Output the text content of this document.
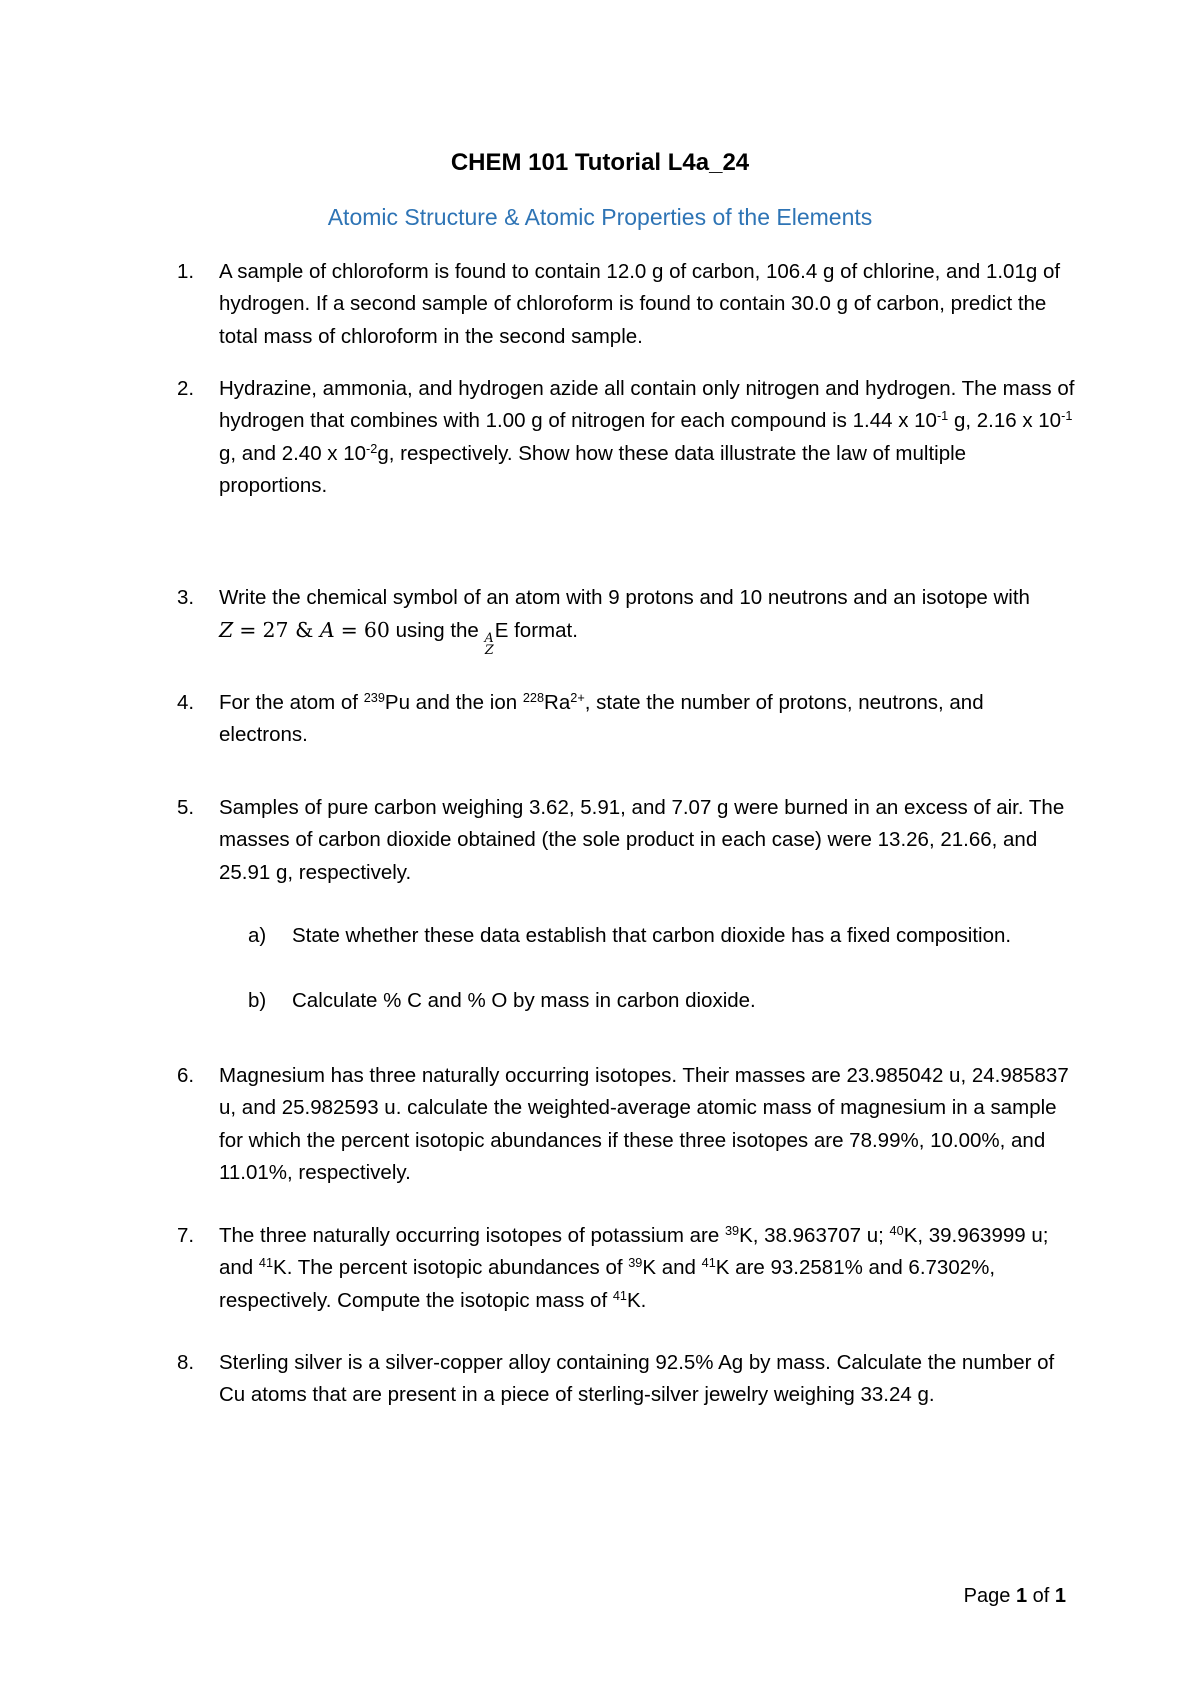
CHEM 101 Tutorial L4a_24
Atomic Structure & Atomic Properties of the Elements
1. A sample of chloroform is found to contain 12.0 g of carbon, 106.4 g of chlorine, and 1.01g of hydrogen. If a second sample of chloroform is found to contain 30.0 g of carbon, predict the total mass of chloroform in the second sample.
2. Hydrazine, ammonia, and hydrogen azide all contain only nitrogen and hydrogen. The mass of hydrogen that combines with 1.00 g of nitrogen for each compound is 1.44 x $10^{-1}$ g, 2.16 x $10^{-1}$ g, and 2.40 x $10^{-2}g$, respectively. Show how these data illustrate the law of multiple proportions.
3. Write the chemical symbol of an atom with 9 protons and 10 neutrons and an isotope with Z = 27 & A = 60 using the A
Z
E format.
4. For the atom of $^{239}$Pu and the ion $^{228}Ra^{2+}$, state the number of protons, neutrons, and electrons.
5. Samples of pure carbon weighing 3.62, 5.91, and 7.07 g were burned in an excess of air. The masses of carbon dioxide obtained (the sole product in each case) were 13.26, 21.66, and 25.91 g, respectively.
a) State whether these data establish that carbon dioxide has a fixed composition.
b) Calculate % C and % O by mass in carbon dioxide.
6. Magnesium has three naturally occurring isotopes. Their masses are 23.985042 u, 24.985837 u, and 25.982593 u. calculate the weighted-average atomic mass of magnesium in a sample for which the percent isotopic abundances if these three isotopes are 78.99%, 10.00%, and 11.01%, respectively.
7. The three naturally occurring isotopes of potassium are $^{39}$K, 38.963707 u; $^{40}$K, 39.963999 u; and $^{41}$K. The percent isotopic abundances of $^{39}$K and $^{41}$K are 93.2581% and 6.7302%, respectively. Compute the isotopic mass of $^{41}$K.
8. Sterling silver is a silver-copper alloy containing 92.5% Ag by mass. Calculate the number of Cu atoms that are present in a piece of sterling-silver jewelry weighing 33.24 g.
Page 1 of 1
